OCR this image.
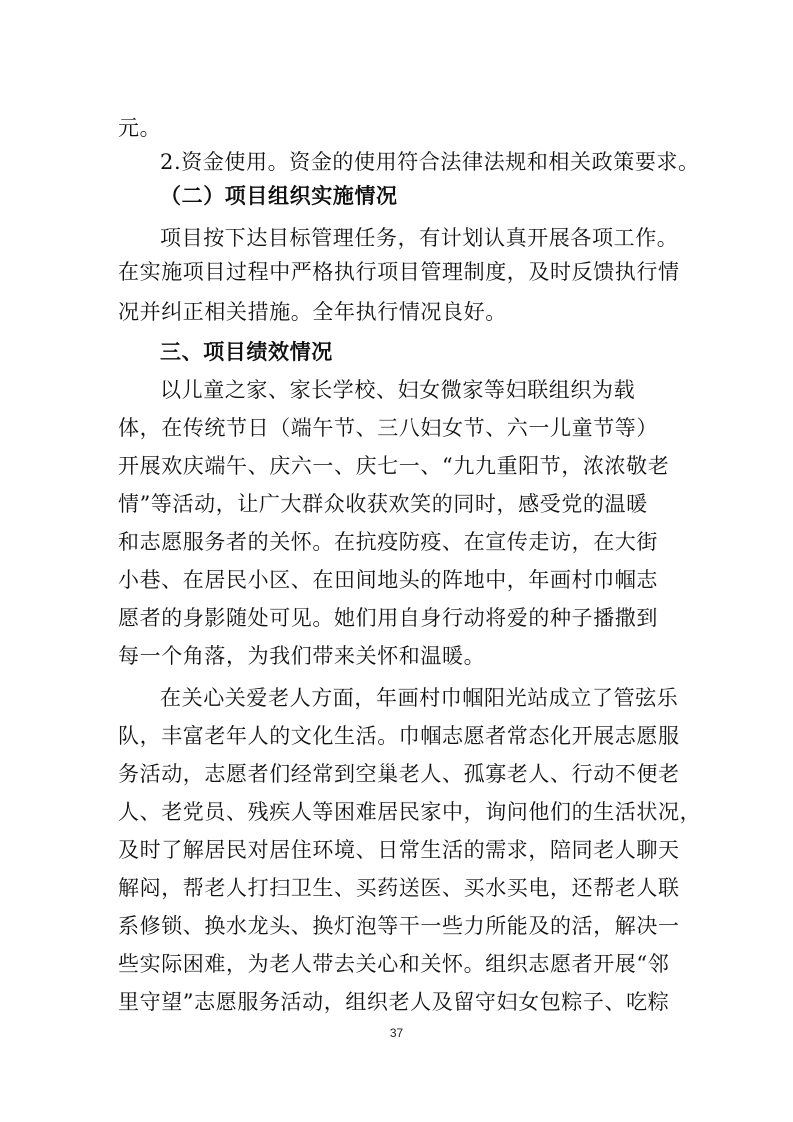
元。
2.资金使用。资金的使用符合法律法规和相关政策要求。
（二）项目组织实施情况
项目按下达目标管理任务，有计划认真开展各项工作。
在实施项目过程中严格执行项目管理制度，及时反馈执行情
况并纠正相关措施。全年执行情况良好。
三、项目绩效情况
以儿童之家、家长学校、妇女微家等妇联组织为载
体，在传统节日（端午节、三八妇女节、六一儿童节等）
开展欢庆端午、庆六一、庆七一、“九九重阳节，浓浓敬老
情”等活动，让广大群众收获欢笑的同时，感受党的温暖
和志愿服务者的关怀。在抗疫防疫、在宣传走访，在大街
小巷、在居民小区、在田间地头的阵地中，年画村巾帼志
愿者的身影随处可见。她们用自身行动将爱的种子播撒到
每一个角落，为我们带来关怀和温暖。
在关心关爱老人方面，年画村巾帼阳光站成立了管弦乐
队，丰富老年人的文化生活。巾帼志愿者常态化开展志愿服
务活动，志愿者们经常到空巢老人、孤寡老人、行动不便老
人、老党员、残疾人等困难居民家中，询问他们的生活状况，
及时了解居民对居住环境、日常生活的需求，陪同老人聊天
解闷，帮老人打扫卫生、买药送医、买水买电，还帮老人联
系修锁、换水龙头、换灯泡等干一些力所能及的活，解决一
些实际困难，为老人带去关心和关怀。组织志愿者开展“邻
里守望”志愿服务活动，组织老人及留守妇女包粽子、吃粽
37
